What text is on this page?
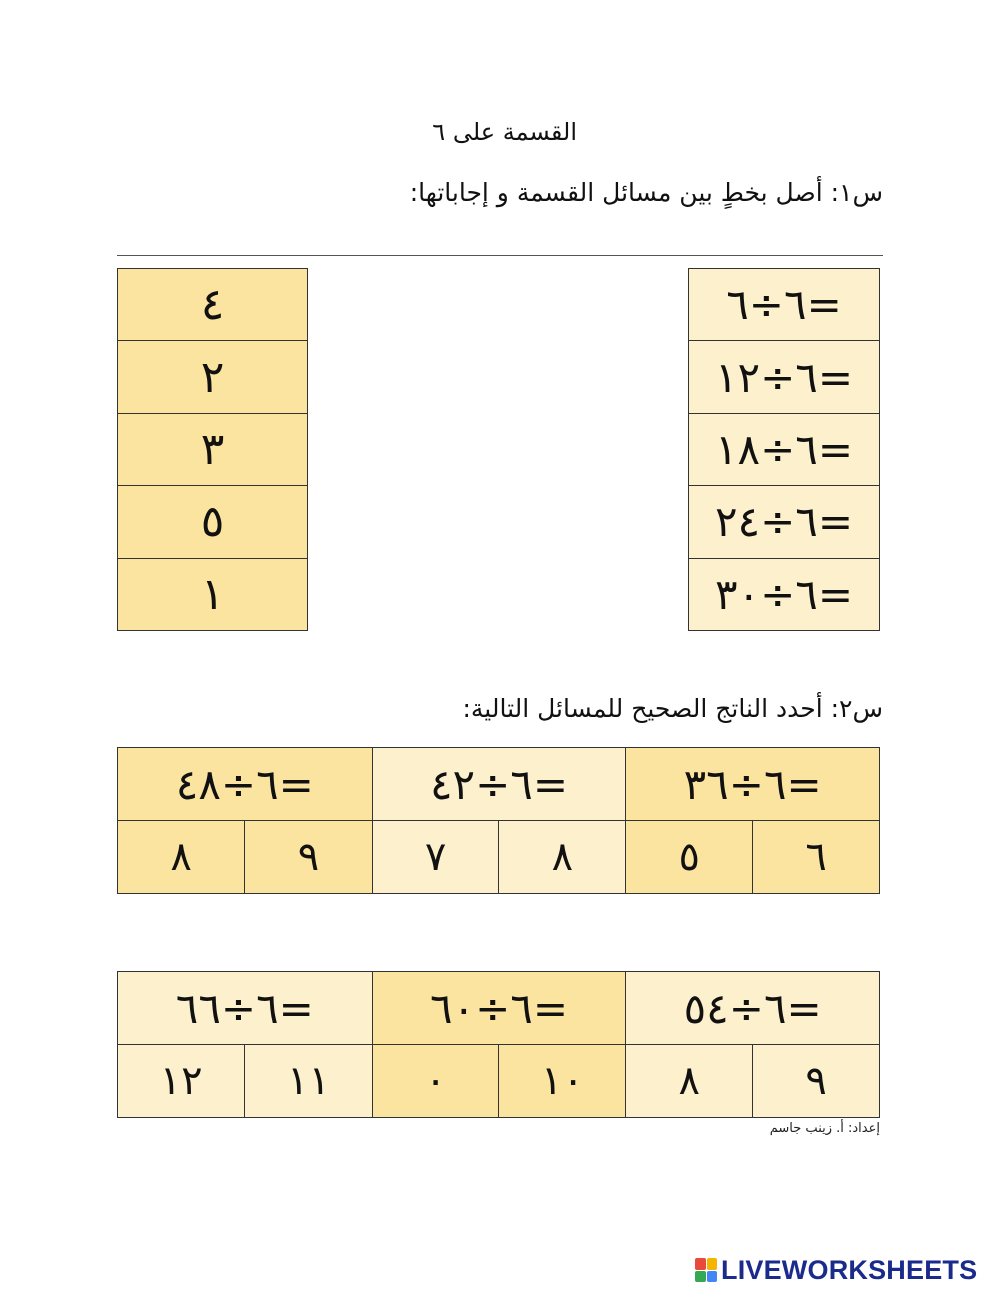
القسمة على ٦
س١: أصل بخطٍ بين مسائل القسمة و إجاباتها:
٤
٢
٣
٥
١
=٦÷٦
=٦÷١٢
=٦÷١٨
=٦÷٢٤
=٦÷٣٠
س٢: أحدد الناتج الصحيح للمسائل التالية:
=٦÷٣٦
٦
٥
=٦÷٤٢
٨
٧
=٦÷٤٨
٩
٨
=٦÷٥٤
٩
٨
=٦÷٦٠
١٠
٠
=٦÷٦٦
١١
١٢
إعداد: أ. زينب جاسم
LIVEWORKSHEETS
